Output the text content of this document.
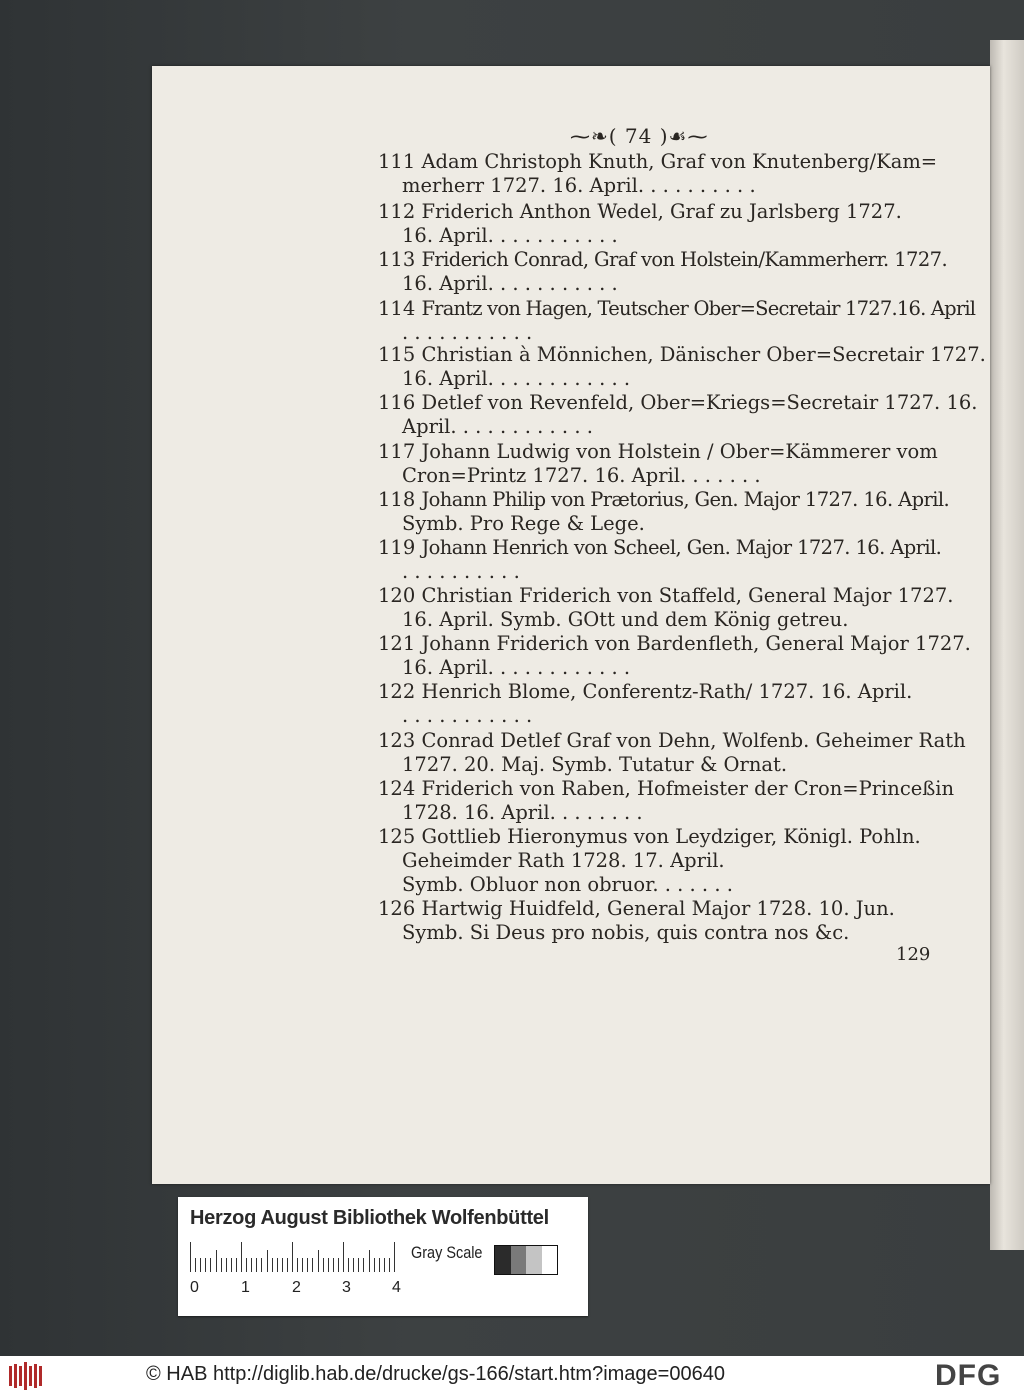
⁓❧( 74 )☙⁓
111 Adam Christoph Knuth, Graf von Knutenberg/Kam=
merherr 1727. 16. April. . . . . . . . . .
112 Friderich Anthon Wedel, Graf zu Jarlsberg 1727.
16. April. . . . . . . . . . .
113 Friderich Conrad, Graf von Holstein/Kammerherr. 1727.
16. April. . . . . . . . . . .
114 Frantz von Hagen, Teutscher Ober=Secretair 1727.16. April
. . . . . . . . . . .
115 Christian à Mönnichen, Dänischer Ober=Secretair 1727.
16. April. . . . . . . . . . . .
116 Detlef von Revenfeld, Ober=Kriegs=Secretair 1727. 16.
April. . . . . . . . . . . .
117 Johann Ludwig von Holstein / Ober=Kämmerer vom
Cron=Printz 1727. 16. April. . . . . . .
118 Johann Philip von Prætorius, Gen. Major 1727. 16. April.
Symb. Pro Rege & Lege.
119 Johann Henrich von Scheel, Gen. Major 1727. 16. April.
. . . . . . . . . .
120 Christian Friderich von Staffeld, General Major 1727.
16. April. Symb. GOtt und dem König getreu.
121 Johann Friderich von Bardenfleth, General Major 1727.
16. April. . . . . . . . . . . .
122 Henrich Blome, Conferentz-Rath/ 1727. 16. April.
. . . . . . . . . . .
123 Conrad Detlef Graf von Dehn, Wolfenb. Geheimer Rath
1727. 20. Maj. Symb. Tutatur & Ornat.
124 Friderich von Raben, Hofmeister der Cron=Princeßin
1728. 16. April. . . . . . . .
125 Gottlieb Hieronymus von Leydziger, Königl. Pohln.
Geheimder Rath 1728. 17. April.
Symb. Obluor non obruor. . . . . . .
126 Hartwig Huidfeld, General Major 1728. 10. Jun.
Symb. Si Deus pro nobis, quis contra nos &c.
129
Herzog August Bibliothek Wolfenbüttel
0	1	2	3	4
Gray Scale
© HAB http://diglib.hab.de/drucke/gs-166/start.htm?image=00640	DFG
